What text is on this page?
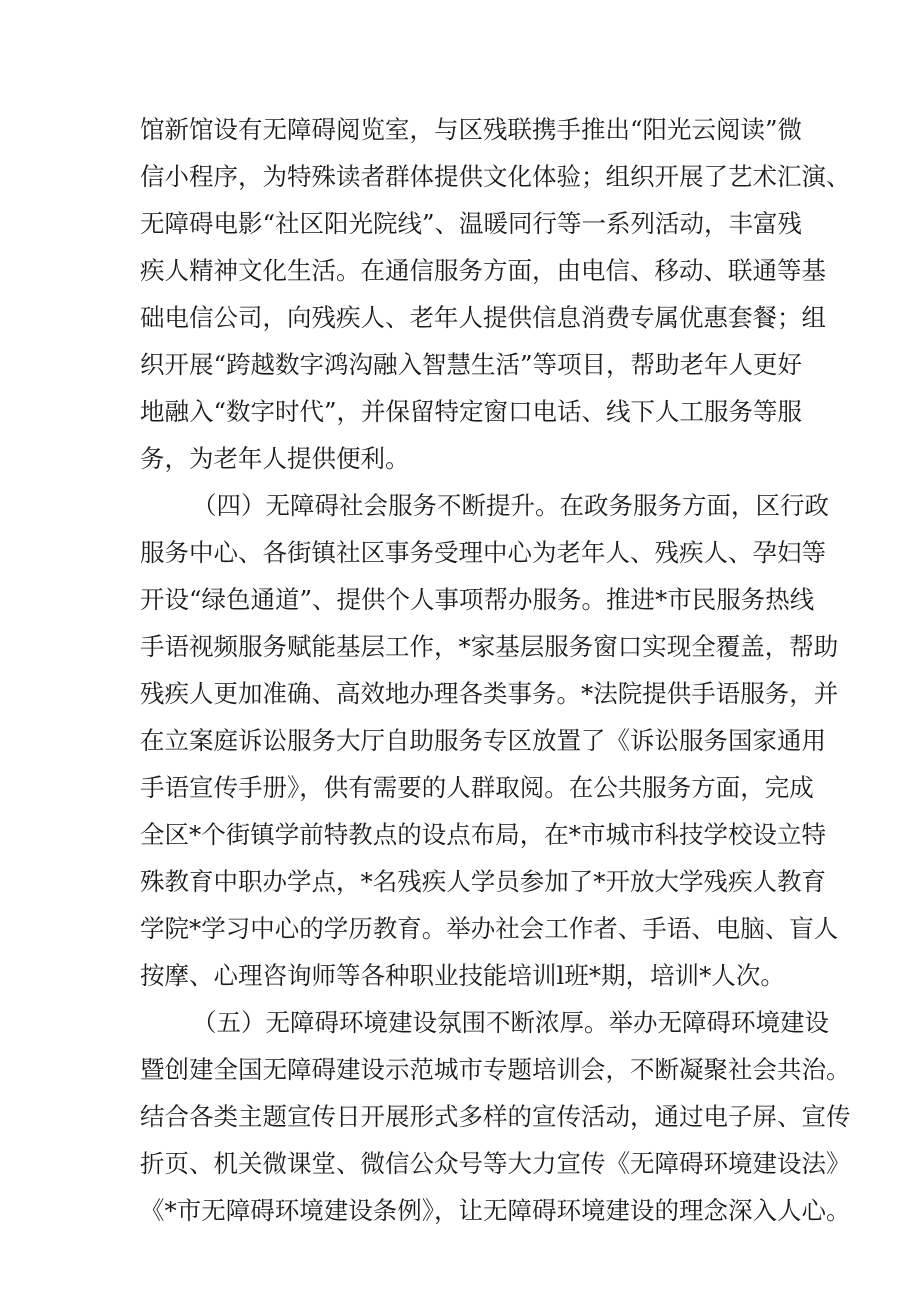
馆新馆设有无障碍阅览室，与区残联携手推出“阳光云阅读”微
信小程序，为特殊读者群体提供文化体验；组织开展了艺术汇演、
无障碍电影“社区阳光院线”、温暖同行等一系列活动，丰富残
疾人精神文化生活。在通信服务方面，由电信、移动、联通等基
础电信公司，向残疾人、老年人提供信息消费专属优惠套餐；组
织开展“跨越数字鸿沟融入智慧生活”等项目，帮助老年人更好
地融入“数字时代”，并保留特定窗口电话、线下人工服务等服
务，为老年人提供便利。
（四）无障碍社会服务不断提升。在政务服务方面，区行政
服务中心、各街镇社区事务受理中心为老年人、残疾人、孕妇等
开设“绿色通道”、提供个人事项帮办服务。推进*市民服务热线
手语视频服务赋能基层工作，*家基层服务窗口实现全覆盖，帮助
残疾人更加准确、高效地办理各类事务。*法院提供手语服务，并
在立案庭诉讼服务大厅自助服务专区放置了《诉讼服务国家通用
手语宣传手册》，供有需要的人群取阅。在公共服务方面，完成
全区*个街镇学前特教点的设点布局，在*市城市科技学校设立特
殊教育中职办学点，*名残疾人学员参加了*开放大学残疾人教育
学院*学习中心的学历教育。举办社会工作者、手语、电脑、盲人
按摩、心理咨询师等各种职业技能培训l班*期，培训*人次。
（五）无障碍环境建设氛围不断浓厚。举办无障碍环境建设
暨创建全国无障碍建设示范城市专题培训会，不断凝聚社会共治。
结合各类主题宣传日开展形式多样的宣传活动，通过电子屏、宣传
折页、机关微课堂、微信公众号等大力宣传《无障碍环境建设法》
《*市无障碍环境建设条例》，让无障碍环境建设的理念深入人心。
